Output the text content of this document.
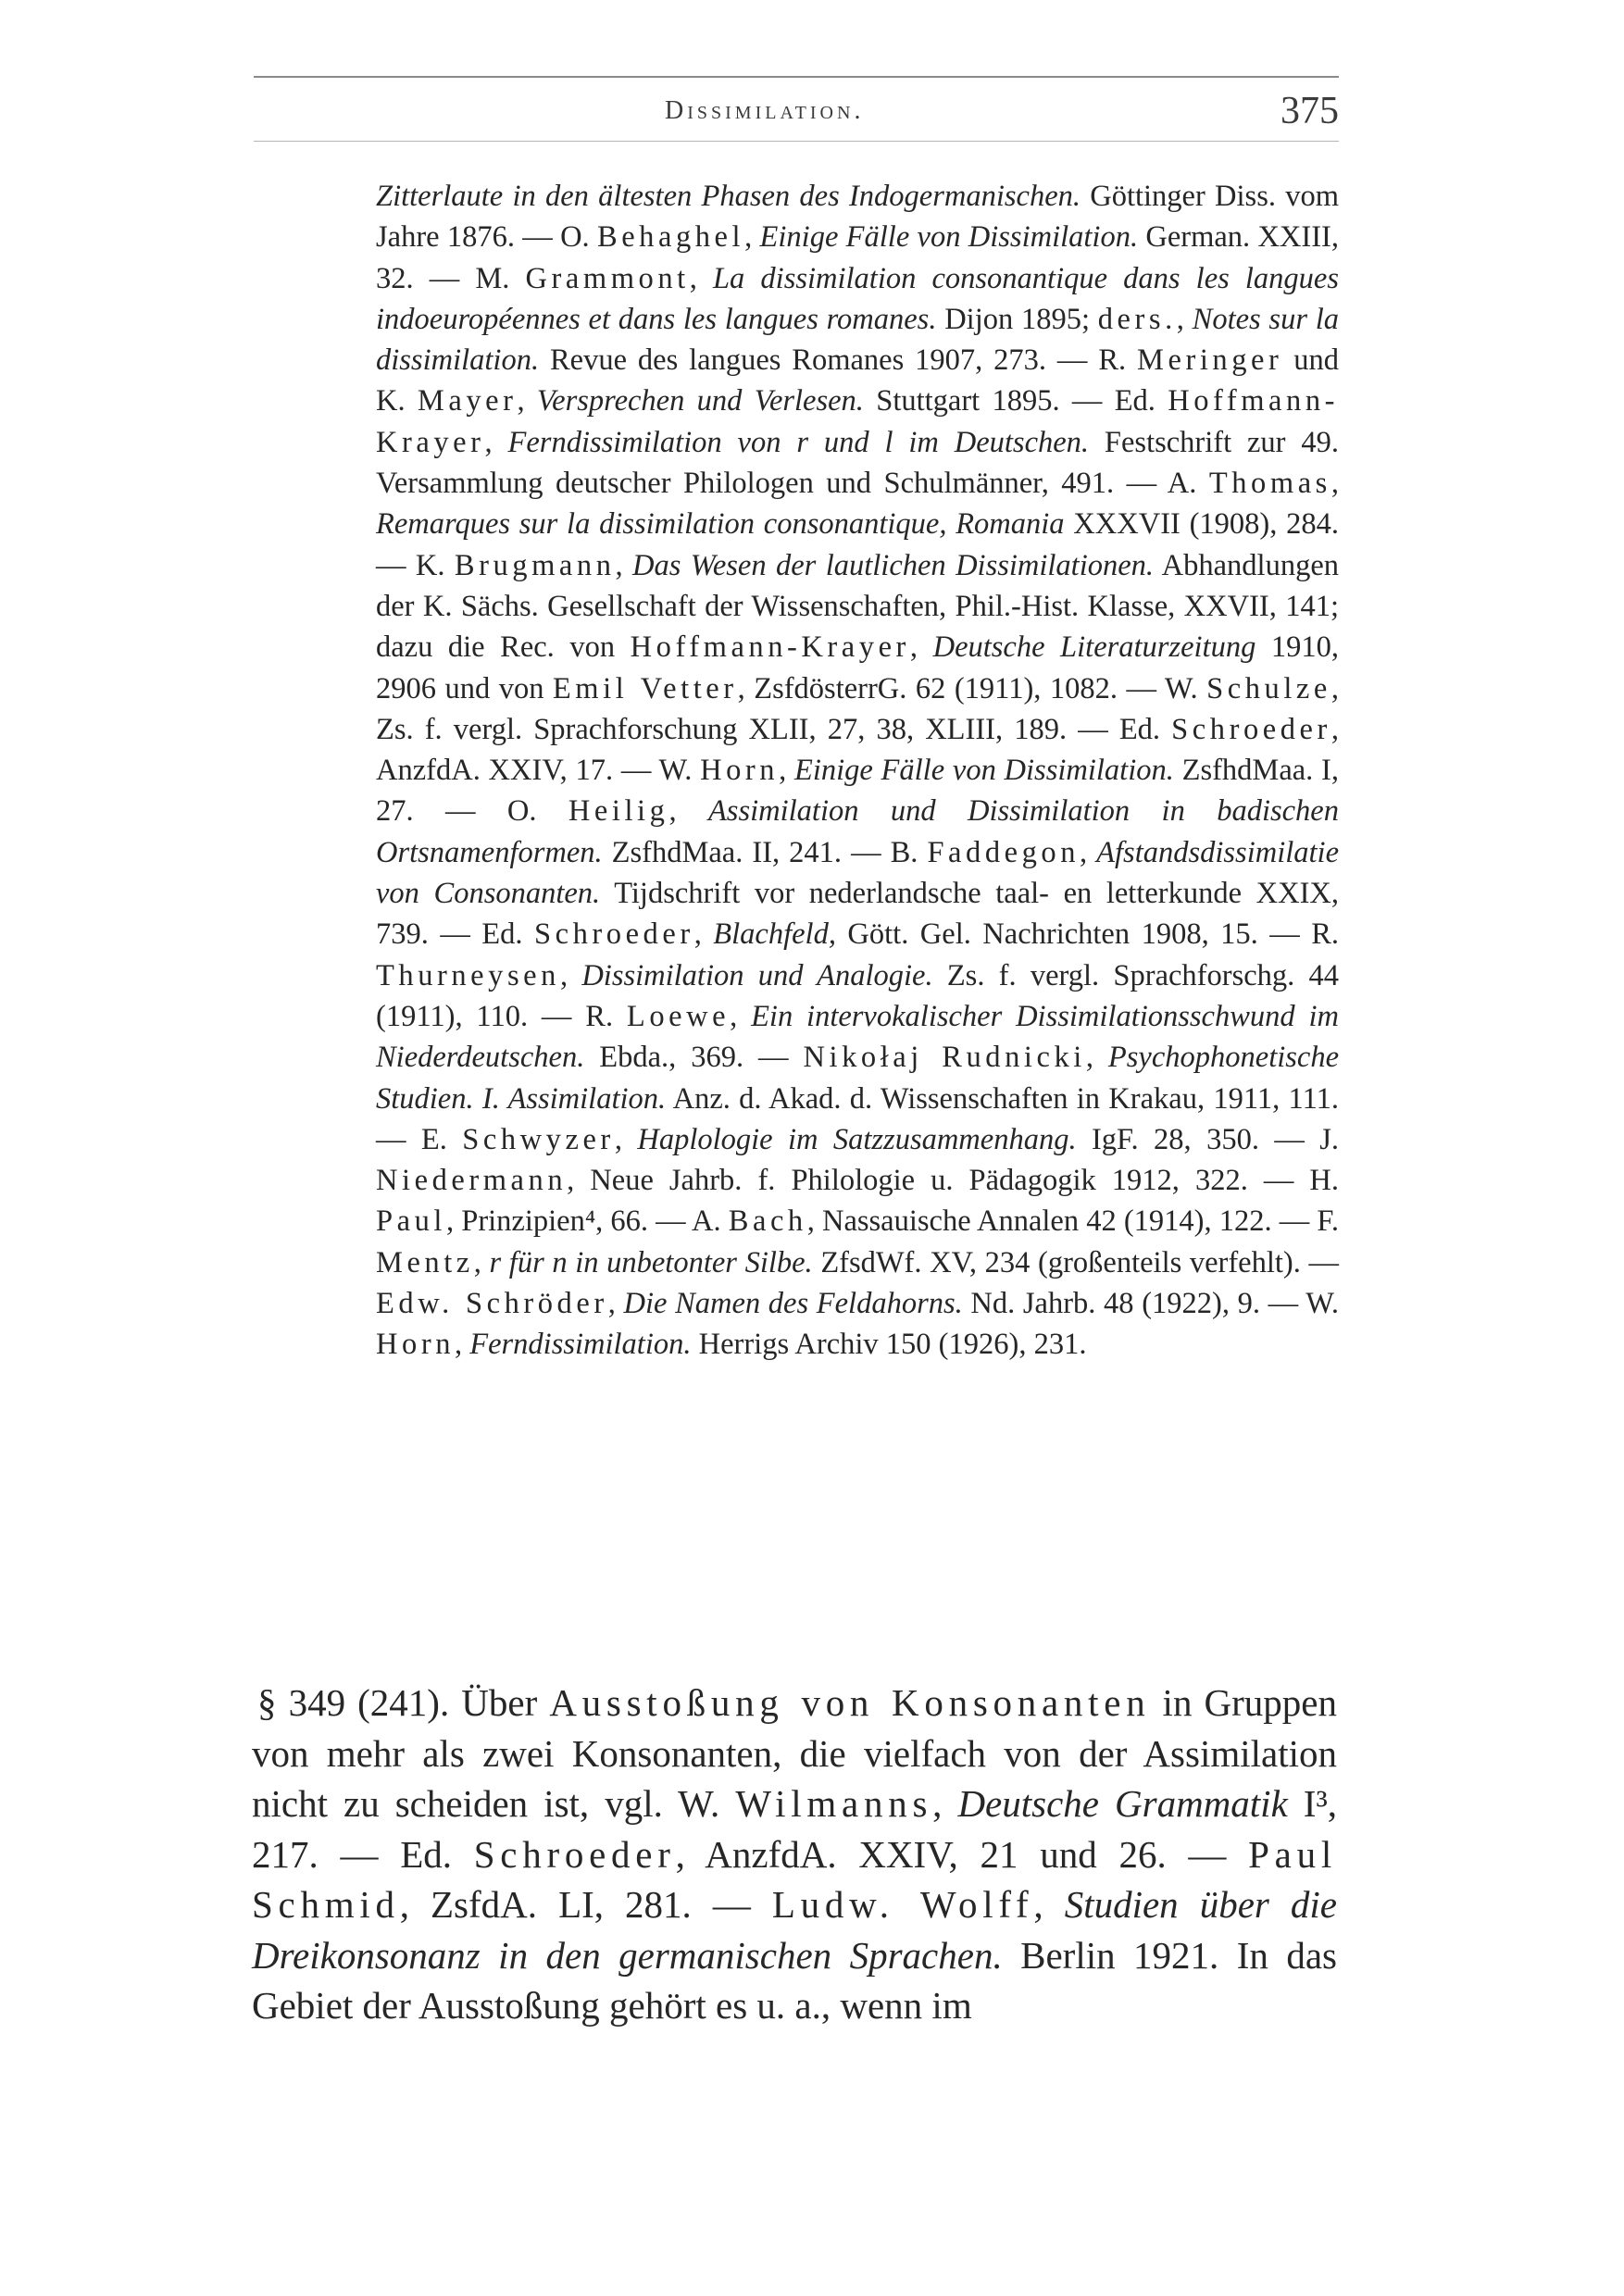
Dissimilation.	375

Zitterlaute in den ältesten Phasen des Indogermanischen. Göttinger Diss. vom Jahre 1876. — O. Behaghel, Einige Fälle von Dissimilation. German. XXIII, 32. — M. Grammont, La dissimilation consonantique dans les langues indoeuropéennes et dans les langues romanes. Dijon 1895; ders., Notes sur la dissimilation. Revue des langues Romanes 1907, 273. — R. Meringer und K. Mayer, Versprechen und Verlesen. Stuttgart 1895. — Ed. Hoffmann-Krayer, Ferndissimilation von r und l im Deutschen. Festschrift zur 49. Versammlung deutscher Philologen und Schulmänner, 491. — A. Thomas, Remarques sur la dissimilation consonantique, Romania XXXVII (1908), 284. — K. Brugmann, Das Wesen der lautlichen Dissimilationen. Abhandlungen der K. Sächs. Gesellschaft der Wissenschaften, Phil.-Hist. Klasse, XXVII, 141; dazu die Rec. von Hoffmann-Krayer, Deutsche Literaturzeitung 1910, 2906 und von Emil Vetter, ZsfdösterrG. 62 (1911), 1082. — W. Schulze, Zs. f. vergl. Sprachforschung XLII, 27, 38, XLIII, 189. — Ed. Schroeder, AnzfdA. XXIV, 17. — W. Horn, Einige Fälle von Dissimilation. ZsfhdMaa. I, 27. — O. Heilig, Assimilation und Dissimilation in badischen Ortsnamenformen. ZsfhdMaa. II, 241. — B. Faddegon, Afstandsdissimilatie von Consonanten. Tijdschrift vor nederlandsche taal- en letterkunde XXIX, 739. — Ed. Schroeder, Blachfeld, Gött. Gel. Nachrichten 1908, 15. — R. Thurneysen, Dissimilation und Analogie. Zs. f. vergl. Sprachforschg. 44 (1911), 110. — R. Loewe, Ein intervokalischer Dissimilationsschwund im Niederdeutschen. Ebda., 369. — Nikołaj Rudnicki, Psychophonetische Studien. I. Assimilation. Anz. d. Akad. d. Wissenschaften in Krakau, 1911, 111. — E. Schwyzer, Haplologie im Satzzusammenhang. IgF. 28, 350. — J. Niedermann, Neue Jahrb. f. Philologie u. Pädagogik 1912, 322. — H. Paul, Prinzipien⁴, 66. — A. Bach, Nassauische Annalen 42 (1914), 122. — F. Mentz, r für n in unbetonter Silbe. ZfsdWf. XV, 234 (großenteils verfehlt). — Edw. Schröder, Die Namen des Feldahorns. Nd. Jahrb. 48 (1922), 9. — W. Horn, Ferndissimilation. Herrigs Archiv 150 (1926), 231.

§ 349 (241). Über Ausstoßung von Konsonanten in Gruppen von mehr als zwei Konsonanten, die vielfach von der Assimilation nicht zu scheiden ist, vgl. W. Wilmanns, Deutsche Grammatik I³, 217. — Ed. Schroeder, AnzfdA. XXIV, 21 und 26. — Paul Schmid, ZsfdA. LI, 281. — Ludw. Wolff, Studien über die Dreikonsonanz in den germanischen Sprachen. Berlin 1921. In das Gebiet der Ausstoßung gehört es u. a., wenn im
